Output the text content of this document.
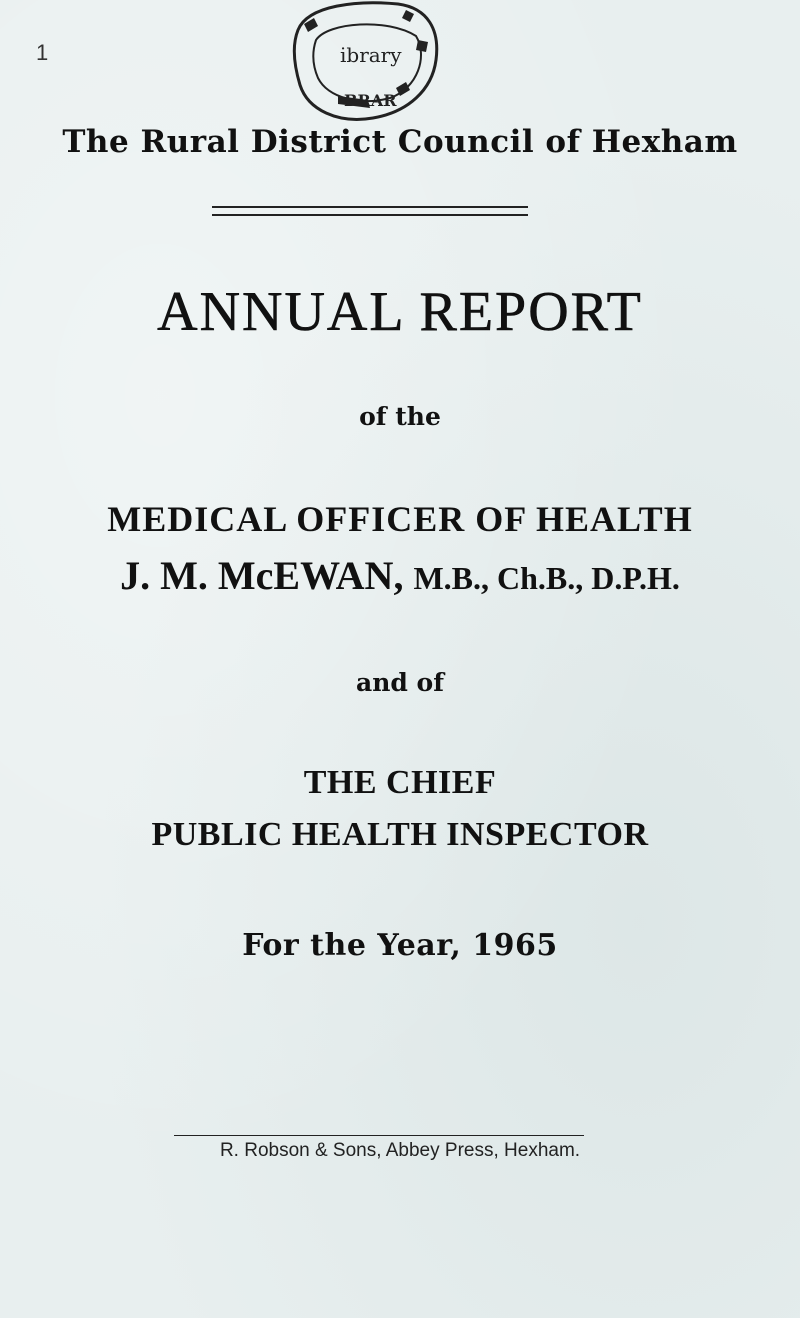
ibrary
BRAR
1
The Rural District Council of Hexham
ANNUAL REPORT
of the
MEDICAL OFFICER OF HEALTH
J. M. McEWAN, M.B., Ch.B., D.P.H.
and of
THE CHIEF
PUBLIC HEALTH INSPECTOR
For the Year, 1965
R. Robson & Sons, Abbey Press, Hexham.
